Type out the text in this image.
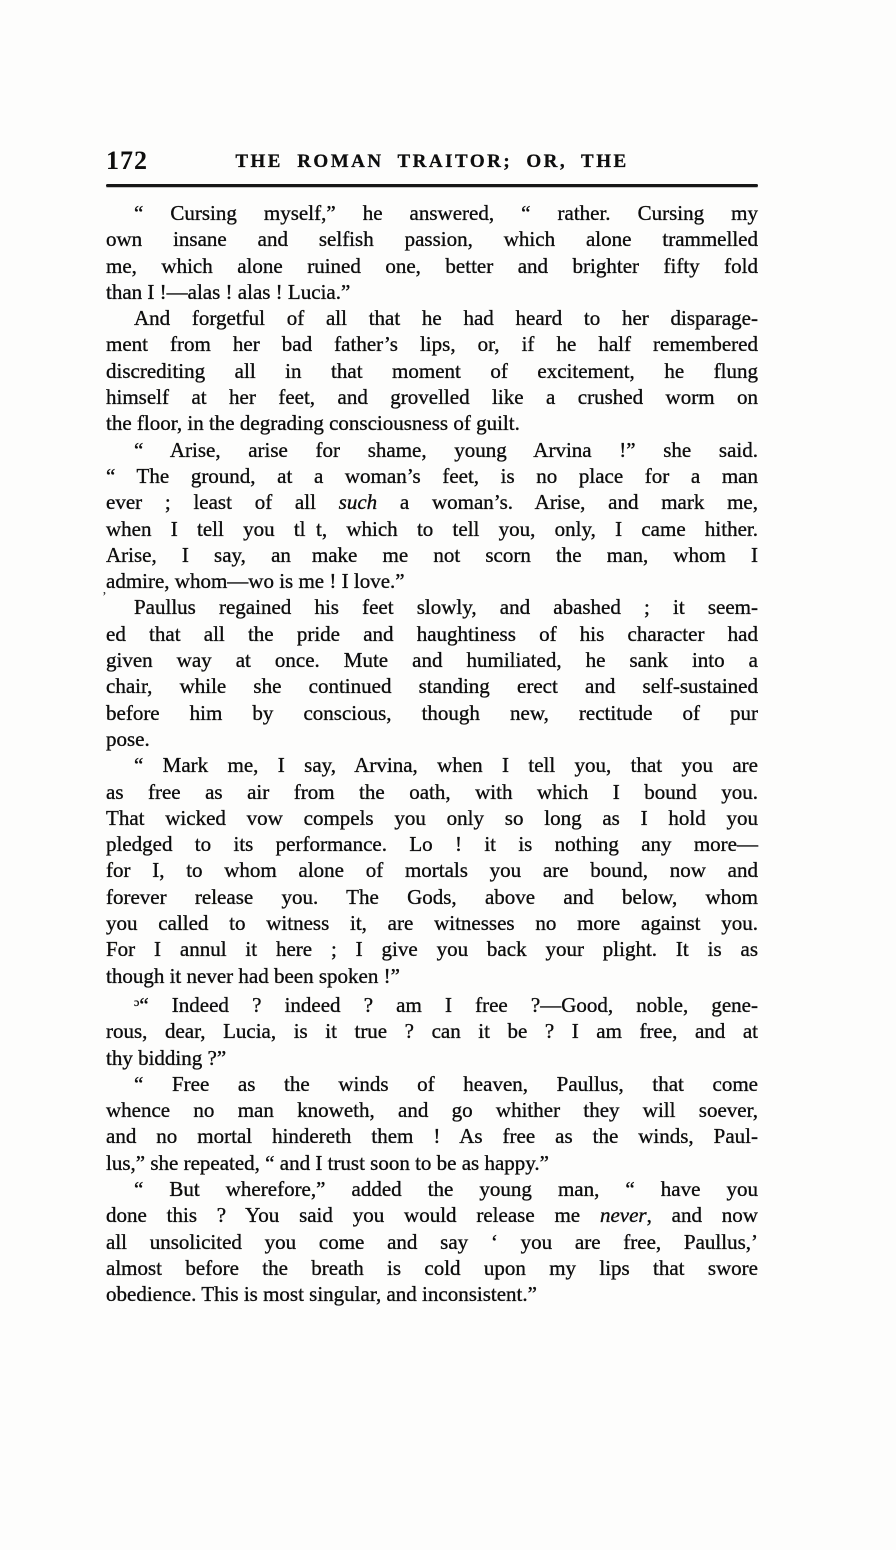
172	THE ROMAN TRAITOR; OR, THE
“ Cursing myself,” he answered, “ rather. Cursing my
own insane and selfish passion, which alone trammelled
me, which alone ruined one, better and brighter fifty fold
than I !—alas ! alas ! Lucia.”
And forgetful of all that he had heard to her disparage-
ment from her bad father’s lips, or, if he half remembered
discrediting all in that moment of excitement, he flung
himself at her feet, and grovelled like a crushed worm on
the floor, in the degrading consciousness of guilt.
“ Arise, arise for shame, young Arvina !” she said.
“ The ground, at a woman’s feet, is no place for a man
ever ; least of all such a woman’s. Arise, and mark me,
when I tell you tl t, which to tell you, only, I came hither.
Arise, I say, an  make me not scorn the man, whom I
admire, whom—wo is me ! I love.”
Paullus regained his feet slowly, and abashed ; it seem-
ed that all the pride and haughtiness of his character had
given way at once. Mute and humiliated, he sank into a
chair, while she continued standing erect and self-sustained
before him by conscious, though new, rectitude of pur
pose.
“ Mark me, I say, Arvina, when I tell you, that you are
as free as air from the oath, with which I bound you.
That wicked vow compels you only so long as I hold you
pledged to its performance. Lo ! it is nothing any more—
for I, to whom alone of mortals you are bound, now and
forever release you. The Gods, above and below, whom
you called to witness it, are witnesses no more against you.
For I annul it here ; I give you back your plight. It is as
though it never had been spoken !”
$^ɔ$“ Indeed ? indeed ? am I free ?—Good, noble, gene-
rous, dear, Lucia, is it true ? can it be ? I am free, and at
thy bidding ?”
“ Free as the winds of heaven, Paullus, that come
whence no man knoweth, and go whither they will soever,
and no mortal hindereth them ! As free as the winds, Paul-
lus,” she repeated, “ and I trust soon to be as happy.”
“ But wherefore,” added the young man, “ have you
done this ? You said you would release me never, and now
all unsolicited you come and say ‘ you are free, Paullus,’
almost before the breath is cold upon my lips that swore
obedience. This is most singular, and inconsistent.”
’
